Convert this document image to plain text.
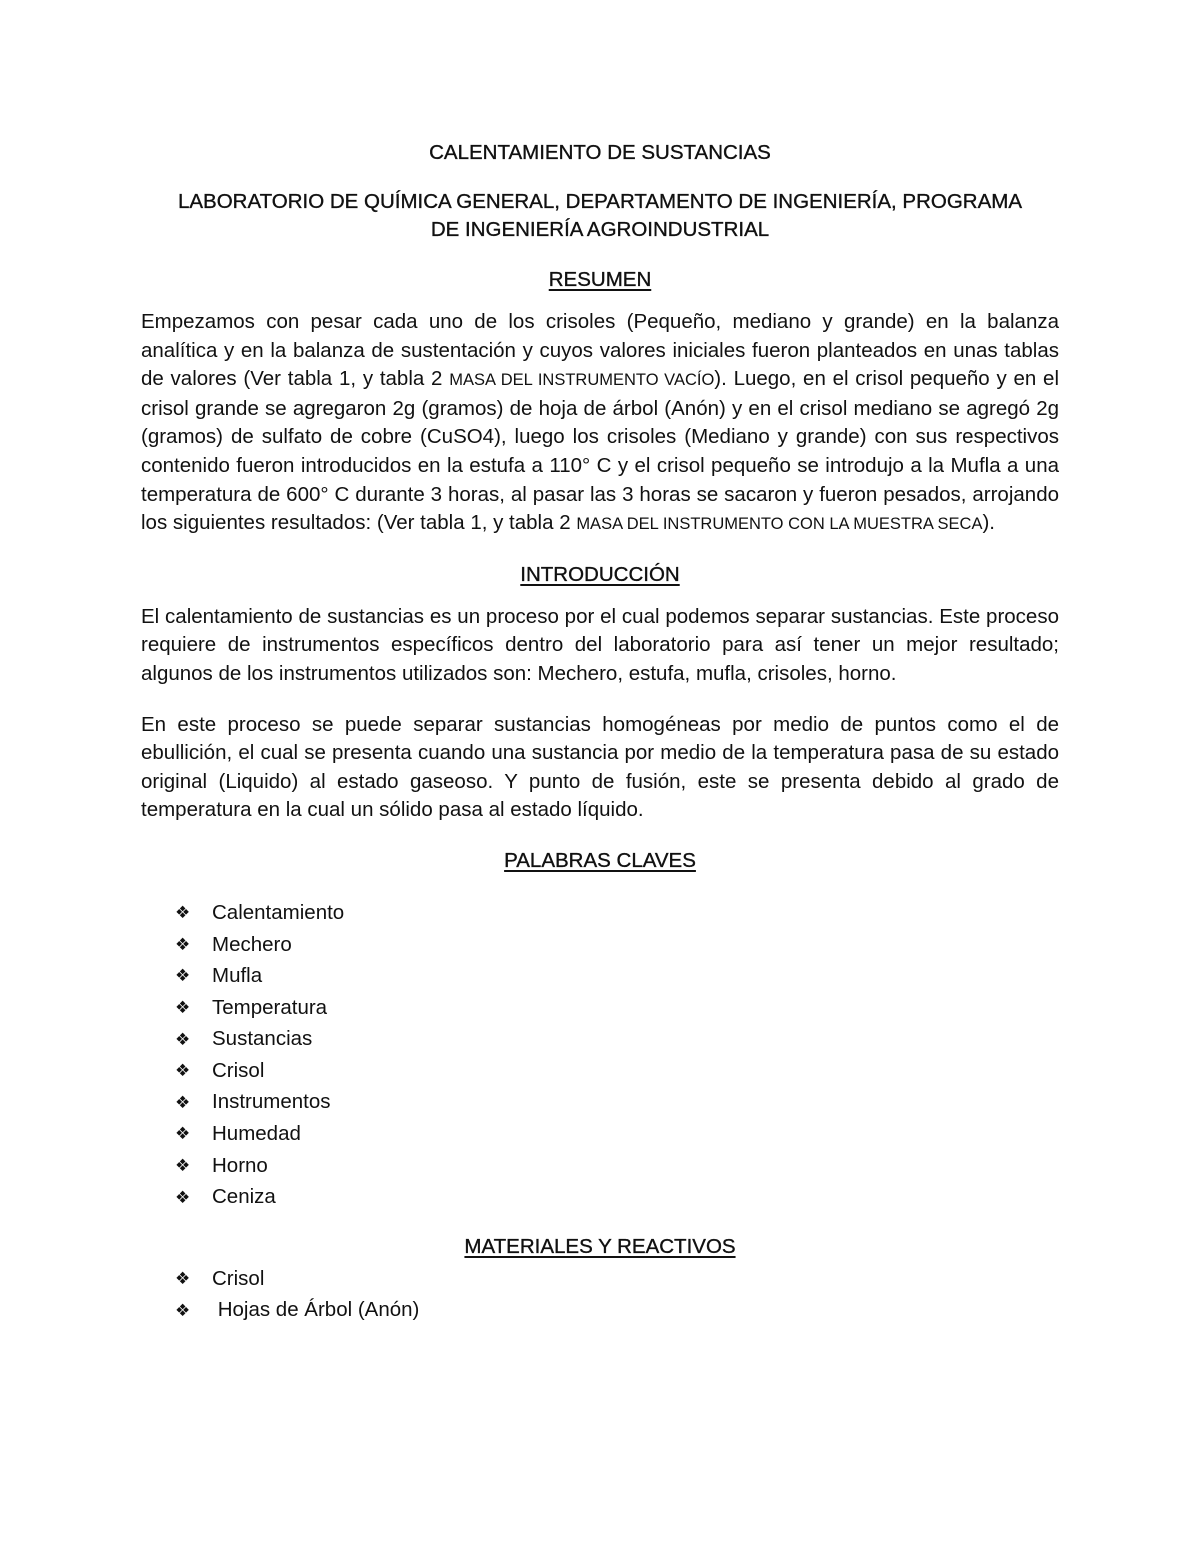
CALENTAMIENTO DE SUSTANCIAS
LABORATORIO DE QUÍMICA GENERAL, DEPARTAMENTO DE INGENIERÍA, PROGRAMA
DE INGENIERÍA AGROINDUSTRIAL
RESUMEN

Empezamos con pesar cada uno de los crisoles (Pequeño, mediano y grande) en la balanza analítica y en la balanza de sustentación y cuyos valores iniciales fueron planteados en unas tablas de valores (Ver tabla 1, y tabla 2 MASA DEL INSTRUMENTO VACÍO). Luego, en el crisol pequeño y en el crisol grande se agregaron 2g (gramos) de hoja de árbol (Anón) y en el crisol mediano se agregó 2g (gramos) de sulfato de cobre (CuSO4), luego los crisoles (Mediano y grande) con sus respectivos contenido fueron introducidos en la estufa a 110° C y el crisol pequeño se introdujo a la Mufla a una temperatura de 600° C durante 3 horas, al pasar las 3 horas se sacaron y fueron pesados, arrojando los siguientes resultados: (Ver tabla 1, y tabla 2 MASA DEL INSTRUMENTO CON LA MUESTRA SECA).

INTRODUCCIÓN

El calentamiento de sustancias es un proceso por el cual podemos separar sustancias. Este proceso requiere de instrumentos específicos dentro del laboratorio para así tener un mejor resultado; algunos de los instrumentos utilizados son: Mechero, estufa, mufla, crisoles, horno.

En este proceso se puede separar sustancias homogéneas por medio de puntos como el de ebullición, el cual se presenta cuando una sustancia por medio de la temperatura pasa de su estado original (Liquido) al estado gaseoso. Y punto de fusión, este se presenta debido al grado de temperatura en la cual un sólido pasa al estado líquido.

PALABRAS CLAVES
❖	Calentamiento
❖	Mechero
❖	Mufla
❖	Temperatura
❖	Sustancias
❖	Crisol
❖	Instrumentos
❖	Humedad
❖	Horno
❖	Ceniza
MATERIALES Y REACTIVOS
❖	Crisol
❖	Hojas de Árbol (Anón)
